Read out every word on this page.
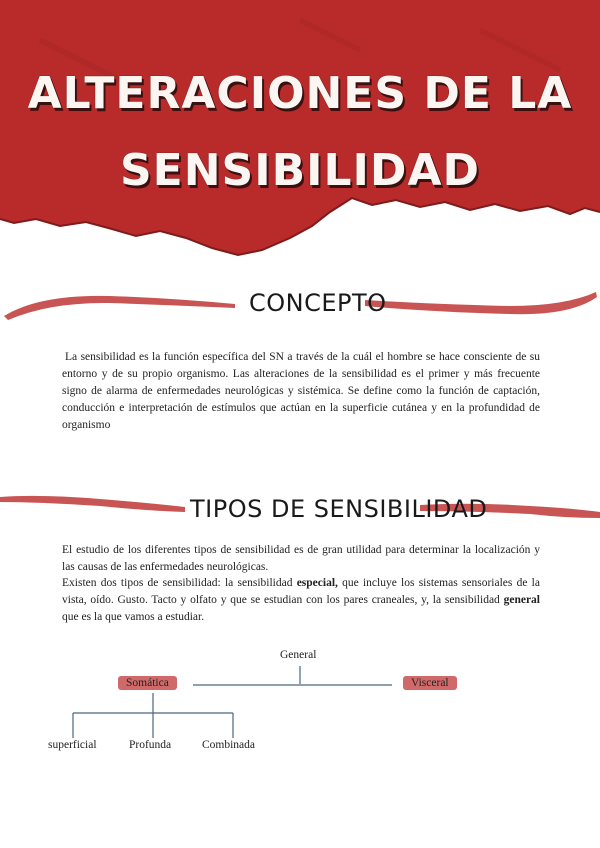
ALTERACIONES DE LA
SENSIBILIDAD
CONCEPTO
La sensibilidad es la función específica del SN a través de la cuál el hombre se hace consciente de su entorno y de su propio organismo. Las alteraciones de la sensibilidad es el primer y más frecuente signo de alarma de enfermedades neurológicas y sistémica. Se define como la función de captación, conducción e interpretación de estímulos que actúan en la superficie cutánea y en la profundidad de organismo
TIPOS DE SENSIBILIDAD
El estudio de los diferentes tipos de sensibilidad es de gran utilidad para determinar la localización y las causas de las enfermedades neurológicas.
Existen dos tipos de sensibilidad: la sensibilidad especial, que incluye los sistemas sensoriales de la vista, oído. Gusto. Tacto y olfato y que se estudian con los pares craneales, y, la sensibilidad general que es la que vamos a estudiar.
General
Somática	Visceral
superficial	Profunda	Combinada
